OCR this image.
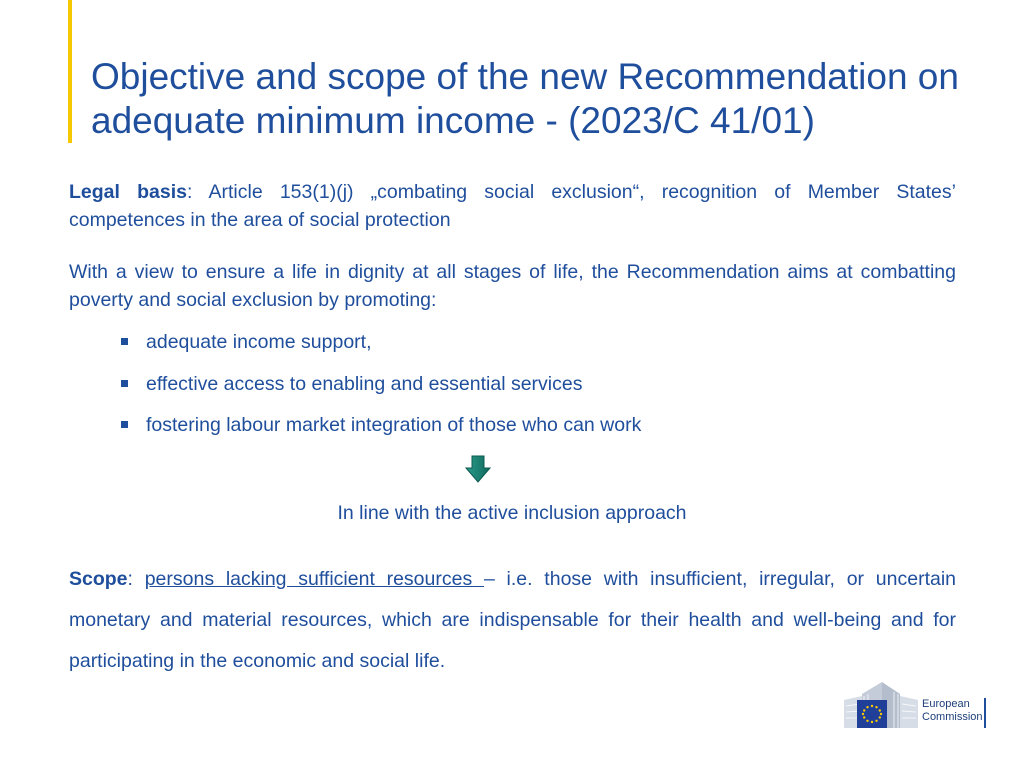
Objective and scope of the new Recommendation on adequate minimum income - (2023/C 41/01)

Legal basis: Article 153(1)(j) „combating social exclusion“, recognition of Member States’ competences in the area of social protection

With a view to ensure a life in dignity at all stages of life, the Recommendation aims at combatting poverty and social exclusion by promoting:

adequate income support,
effective access to enabling and essential services
fostering labour market integration of those who can work
In line with the active inclusion approach

Scope: persons lacking sufficient resources – i.e. those with insufficient, irregular, or uncertain monetary and material resources, which are indispensable for their health and well-being and for participating in the economic and social life.

European
Commission
